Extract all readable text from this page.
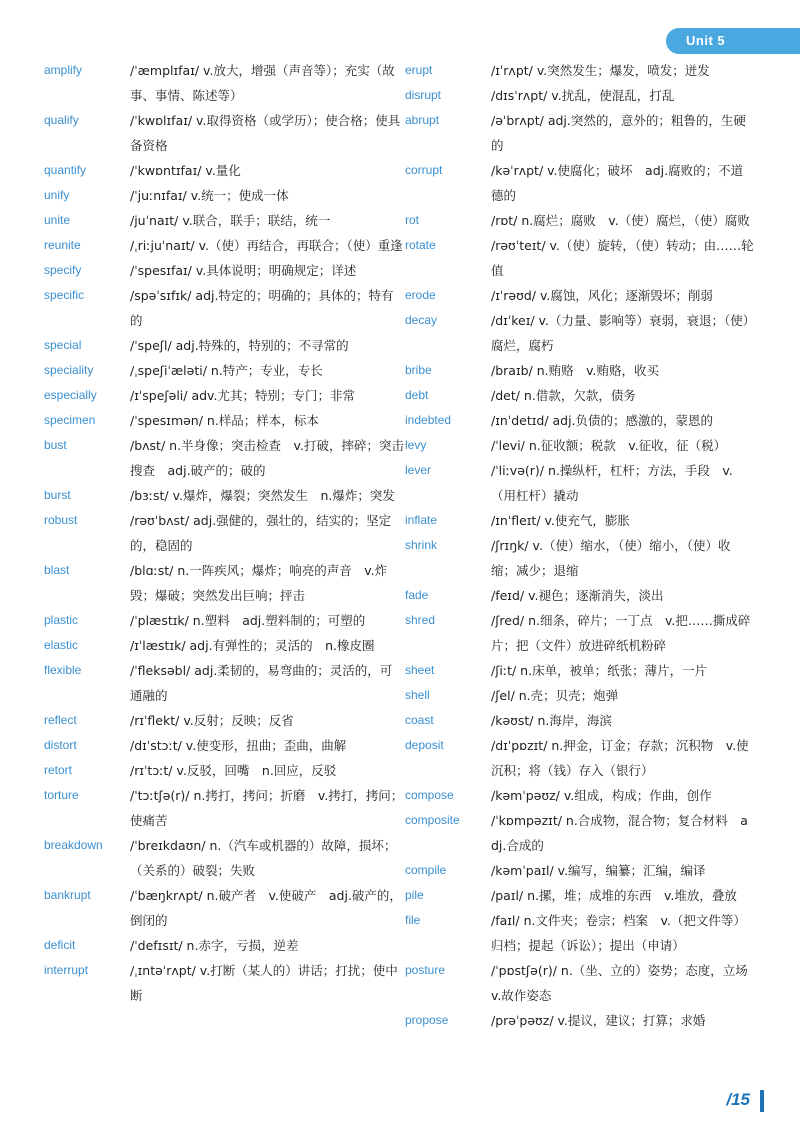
Unit 5
amplify	/ˈæmplɪfaɪ/ v.放大，增强（声音等）；充实（故事、事情、陈述等）
qualify	/ˈkwɒlɪfaɪ/ v.取得资格（或学历）；使合格；使具备资格
quantify	/ˈkwɒntɪfaɪ/ v.量化
unify	/ˈjuːnɪfaɪ/ v.统一；使成一体
unite	/juˈnaɪt/ v.联合，联手；联结，统一
reunite	/ˌriːjuˈnaɪt/ v.（使）再结合，再联合；（使）重逢
specify	/ˈspesɪfaɪ/ v.具体说明；明确规定；详述
specific	/spəˈsɪfɪk/ adj.特定的；明确的；具体的；特有的
special	/ˈspeʃl/ adj.特殊的，特别的；不寻常的
speciality	/ˌspeʃiˈæləti/ n.特产；专业，专长
especially	/ɪˈspeʃəli/ adv.尤其；特别；专门；非常
specimen	/ˈspesɪmən/ n.样品；样本，标本
bust	/bʌst/ n.半身像；突击检查　v.打破，摔碎；突击搜查　adj.破产的；破的
burst	/bɜːst/ v.爆炸，爆裂；突然发生　n.爆炸；突发
robust	/rəʊˈbʌst/ adj.强健的，强壮的，结实的；坚定的，稳固的
blast	/blɑːst/ n.一阵疾风；爆炸；响亮的声音　v.炸毁；爆破；突然发出巨响；抨击
plastic	/ˈplæstɪk/ n.塑料　adj.塑料制的；可塑的
elastic	/ɪˈlæstɪk/ adj.有弹性的；灵活的　n.橡皮圈
flexible	/ˈfleksəbl/ adj.柔韧的，易弯曲的；灵活的，可通融的
reflect	/rɪˈflekt/ v.反射；反映；反省
distort	/dɪˈstɔːt/ v.使变形，扭曲；歪曲，曲解
retort	/rɪˈtɔːt/ v.反驳，回嘴　n.回应，反驳
torture	/ˈtɔːtʃə(r)/ n.拷打，拷问；折磨　v.拷打，拷问；使痛苦
breakdown /ˈbreɪkdaʊn/ n.（汽车或机器的）故障，损坏；（关系的）破裂；失败
bankrupt	/ˈbæŋkrʌpt/ n.破产者　v.使破产　adj.破产的，倒闭的
deficit	/ˈdefɪsɪt/ n.赤字，亏损，逆差
interrupt	/ˌɪntəˈrʌpt/ v.打断（某人的）讲话；打扰；使中断
erupt	/ɪˈrʌpt/ v.突然发生；爆发，喷发；迸发
disrupt	/dɪsˈrʌpt/ v.扰乱，使混乱，打乱
abrupt	/əˈbrʌpt/ adj.突然的，意外的；粗鲁的，生硬的
corrupt	/kəˈrʌpt/ v.使腐化；破坏　adj.腐败的；不道德的
rot	/rɒt/ n.腐烂；腐败　v.（使）腐烂，（使）腐败
rotate	/rəʊˈteɪt/ v.（使）旋转，（使）转动；由……轮值
erode	/ɪˈrəʊd/ v.腐蚀，风化；逐渐毁坏；削弱
decay	/dɪˈkeɪ/ v.（力量、影响等）衰弱，衰退；（使）腐烂，腐朽
bribe	/braɪb/ n.贿赂　v.贿赂，收买
debt	/det/ n.借款，欠款，债务
indebted	/ɪnˈdetɪd/ adj.负债的；感激的，蒙恩的
levy	/ˈlevi/ n.征收额；税款　v.征收，征（税）
lever	/ˈliːvə(r)/ n.操纵杆，杠杆；方法，手段　v.（用杠杆）撬动
inflate	/ɪnˈfleɪt/ v.使充气，膨胀
shrink	/ʃrɪŋk/ v.（使）缩水，（使）缩小，（使）收缩；减少；退缩
fade	/feɪd/ v.褪色；逐渐消失，淡出
shred	/ʃred/ n.细条，碎片；一丁点　v.把……撕成碎片；把（文件）放进碎纸机粉碎
sheet	/ʃiːt/ n.床单，被单；纸张；薄片，一片
shell	/ʃel/ n.壳；贝壳；炮弹
coast	/kəʊst/ n.海岸，海滨
deposit	/dɪˈpɒzɪt/ n.押金，订金；存款；沉积物　v.使沉积；将（钱）存入（银行）
compose	/kəmˈpəʊz/ v.组成，构成；作曲，创作
composite	/ˈkɒmpəzɪt/ n.合成物，混合物；复合材料　adj.合成的
compile	/kəmˈpaɪl/ v.编写，编纂；汇编，编译
pile	/paɪl/ n.摞，堆；成堆的东西　v.堆放，叠放
file	/faɪl/ n.文件夹；卷宗；档案　v.（把文件等）归档；提起（诉讼）；提出（申请）
posture	/ˈpɒstʃə(r)/ n.（坐、立的）姿势；态度，立场　v.故作姿态
propose	/prəˈpəʊz/ v.提议，建议；打算；求婚
/15
